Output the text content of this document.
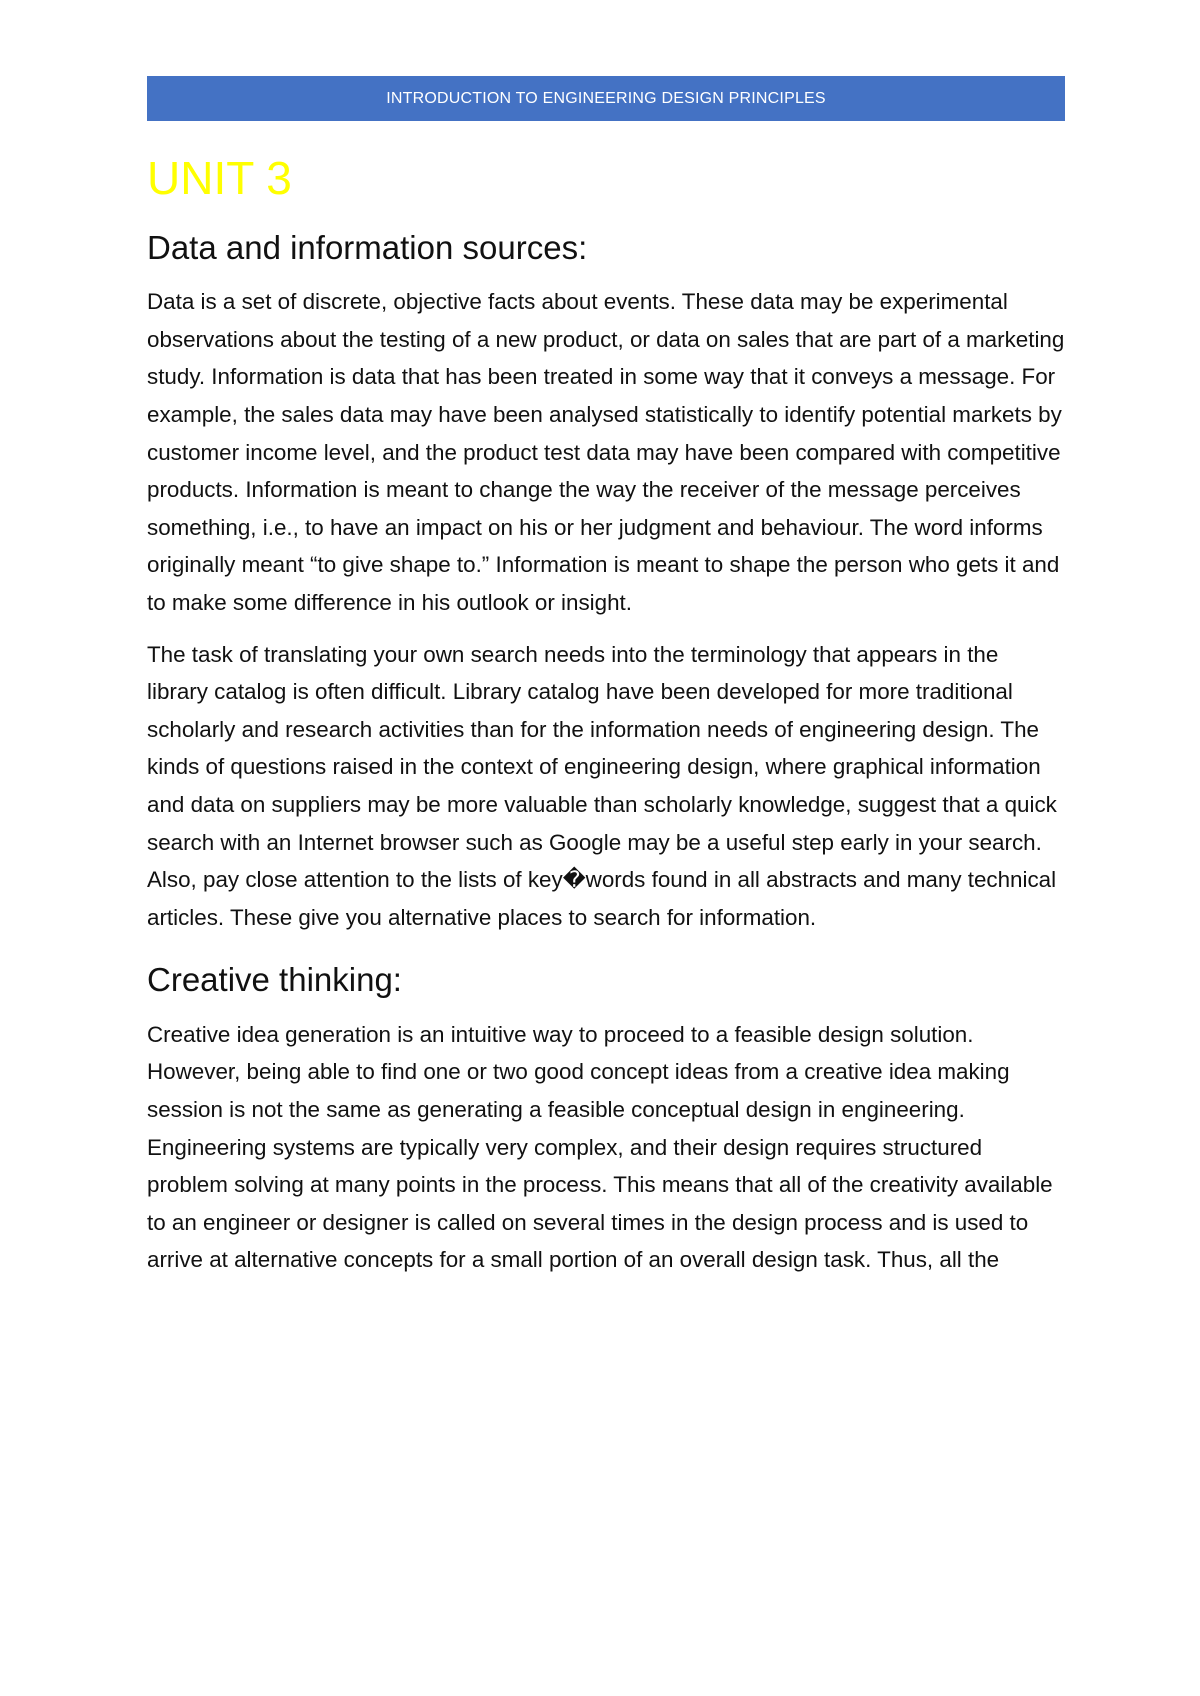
INTRODUCTION TO ENGINEERING DESIGN PRINCIPLES
UNIT 3
Data and information sources:

Data is a set of discrete, objective facts about events. These data may be experimental observations about the testing of a new product, or data on sales that are part of a marketing study. Information is data that has been treated in some way that it conveys a message. For example, the sales data may have been analysed statistically to identify potential markets by customer income level, and the product test data may have been compared with competitive products. Information is meant to change the way the receiver of the message perceives something, i.e., to have an impact on his or her judgment and behaviour. The word informs originally meant “to give shape to.” Information is meant to shape the person who gets it and to make some difference in his outlook or insight.

The task of translating your own search needs into the terminology that appears in the library catalog is often difficult. Library catalog have been developed for more traditional scholarly and research activities than for the information needs of engineering design. The kinds of questions raised in the context of engineering design, where graphical information and data on suppliers may be more valuable than scholarly knowledge, suggest that a quick search with an Internet browser such as Google may be a useful step early in your search. Also, pay close attention to the lists of key�words found in all abstracts and many technical articles. These give you alternative places to search for information.

Creative thinking:

Creative idea generation is an intuitive way to proceed to a feasible design solution. However, being able to find one or two good concept ideas from a creative idea making session is not the same as generating a feasible conceptual design in engineering. Engineering systems are typically very complex, and their design requires structured problem solving at many points in the process. This means that all of the creativity available to an engineer or designer is called on several times in the design process and is used to arrive at alternative concepts for a small portion of an overall design task. Thus, all the
